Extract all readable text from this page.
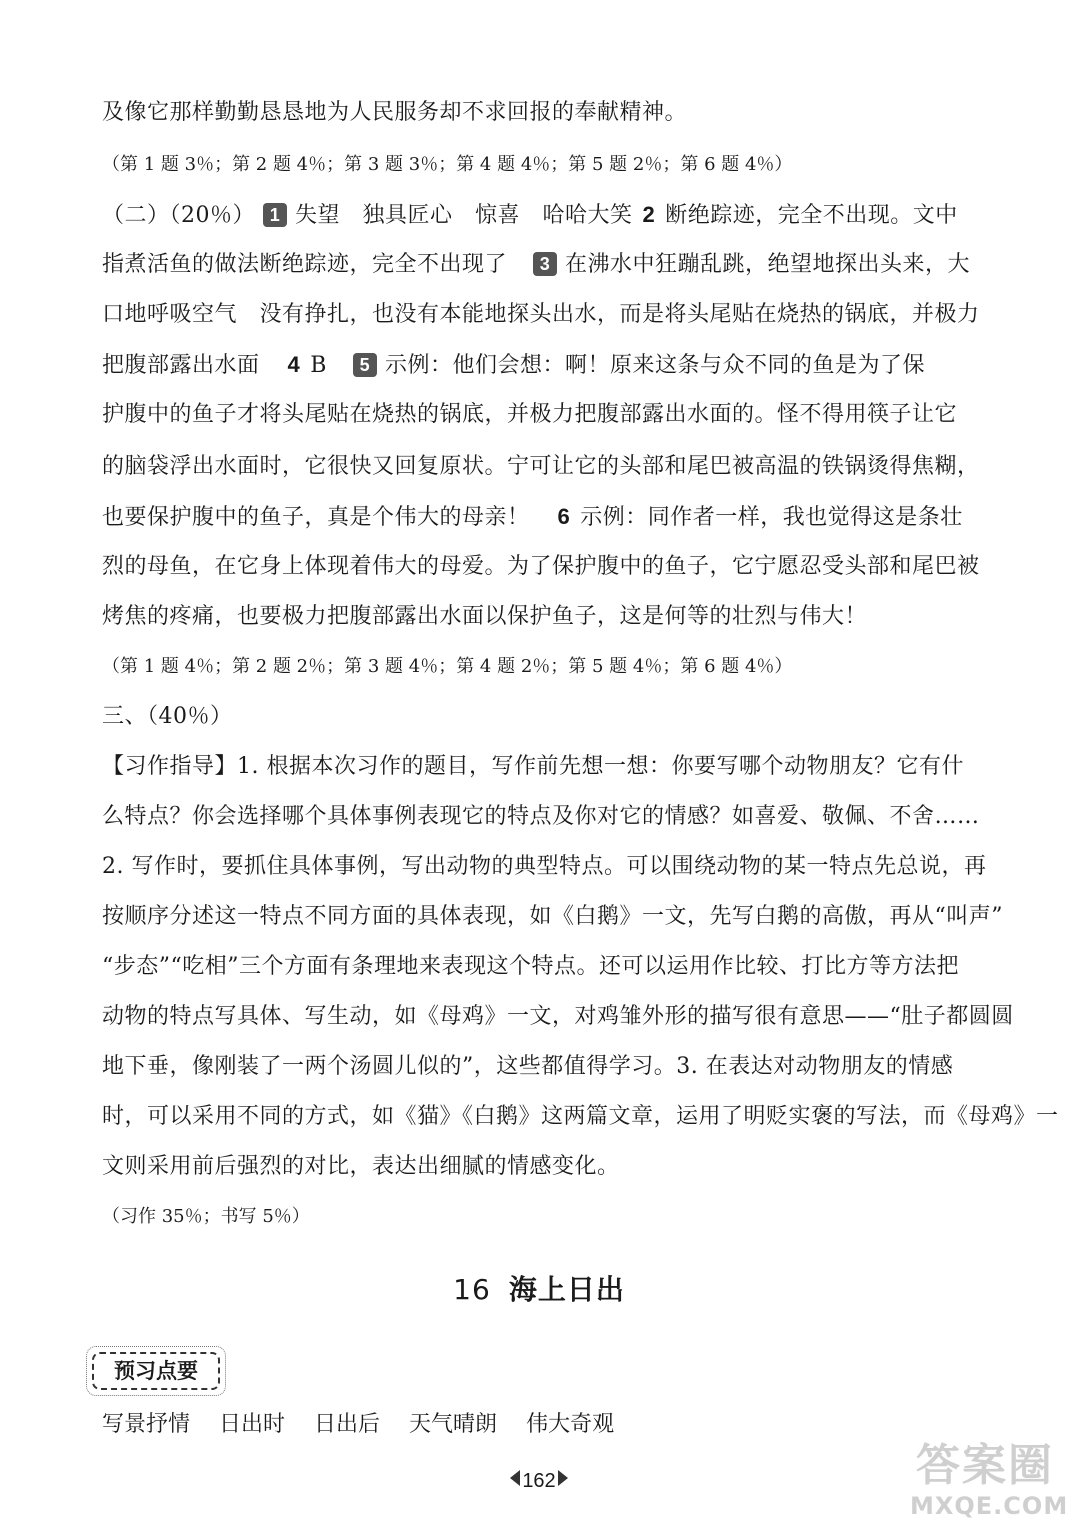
及像它那样勤勤恳恳地为人民服务却不求回报的奉献精神。
（第 1 题 3％；第 2 题 4％；第 3 题 3％；第 4 题 4％；第 5 题 2％；第 6 题 4％）
（二）（20％） 1 失望　独具匠心　惊喜　哈哈大笑 2 断绝踪迹，完全不出现。文中
指煮活鱼的做法断绝踪迹，完全不出现了 3 在沸水中狂蹦乱跳，绝望地探出头来，大
口地呼吸空气　没有挣扎，也没有本能地探头出水，而是将头尾贴在烧热的锅底，并极力
把腹部露出水面 4 B 5 示例：他们会想：啊！原来这条与众不同的鱼是为了保
护腹中的鱼子才将头尾贴在烧热的锅底，并极力把腹部露出水面的。怪不得用筷子让它
的脑袋浮出水面时，它很快又回复原状。宁可让它的头部和尾巴被高温的铁锅烫得焦糊，
也要保护腹中的鱼子，真是个伟大的母亲！ 6 示例：同作者一样，我也觉得这是条壮
烈的母鱼，在它身上体现着伟大的母爱。为了保护腹中的鱼子，它宁愿忍受头部和尾巴被
烤焦的疼痛，也要极力把腹部露出水面以保护鱼子，这是何等的壮烈与伟大！
（第 1 题 4％；第 2 题 2％；第 3 题 4％；第 4 题 2％；第 5 题 4％；第 6 题 4％）
三、（40％）
【习作指导】1. 根据本次习作的题目，写作前先想一想：你要写哪个动物朋友？它有什
么特点？你会选择哪个具体事例表现它的特点及你对它的情感？如喜爱、敬佩、不舍……
2. 写作时，要抓住具体事例，写出动物的典型特点。可以围绕动物的某一特点先总说，再
按顺序分述这一特点不同方面的具体表现，如《白鹅》一文，先写白鹅的高傲，再从“叫声”
“步态”“吃相”三个方面有条理地来表现这个特点。还可以运用作比较、打比方等方法把
动物的特点写具体、写生动，如《母鸡》一文，对鸡雏外形的描写很有意思——“肚子都圆圆
地下垂，像刚装了一两个汤圆儿似的”，这些都值得学习。3. 在表达对动物朋友的情感
时，可以采用不同的方式，如《猫》《白鹅》这两篇文章，运用了明贬实褒的写法，而《母鸡》一
文则采用前后强烈的对比，表达出细腻的情感变化。
（习作 35％；书写 5％）
16 海上日出
预习点要
写景抒情 日出时 日出后 天气晴朗 伟大奇观
162	答案圈
MXQE.COM
